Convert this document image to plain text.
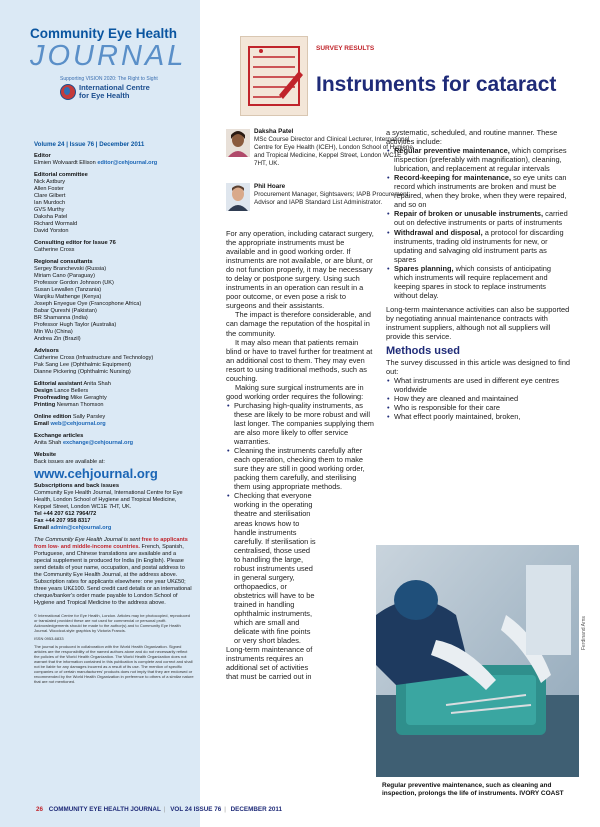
Community Eye Health
JOURNAL
Supporting VISION 2020: The Right to Sight
International Centre
for Eye Health
Volume 24 | Issue 76 | December 2011
Editor
Elmien Wolvaardt Ellison editor@cehjournal.org
Editorial committee
Nick Astbury
Allen Foster
Clare Gilbert
Ian Murdoch
GVS Murthy
Daksha Patel
Richard Wormald
David Yorston
Consulting editor for Issue 76
Catherine Cross
Regional consultants
Sergey Branchevski (Russia)
Miriam Cano (Paraguay)
Professor Gordon Johnson (UK)
Susan Lewallen (Tanzania)
Wanjiku Mathenge (Kenya)
Joseph Enyegue Oye (Francophone Africa)
Babar Qureshi (Pakistan)
BR Shamanna (India)
Professor Hugh Taylor (Australia)
Min Wu (China)
Andrea Zin (Brazil)
Advisors
Catherine Cross (Infrastructure and Technology)
Pak Sang Lee (Ophthalmic Equipment)
Dianne Pickering (Ophthalmic Nursing)
Editorial assistant Anita Shah
Design Lance Bellers
Proofreading Mike Geraghty
Printing Newman Thomson
Online edition Sally Parsley
Email web@cehjournal.org
Exchange articles
Anita Shah exchange@cehjournal.org
Website
Back issues are available at:
www.cehjournal.org
Subscriptions and back issues
Community Eye Health Journal, International Centre for Eye Health, London School of Hygiene and Tropical Medicine, Keppel Street, London WC1E 7HT, UK.
Tel +44 207 612 7964/72
Fax +44 207 958 8317
Email admin@cehjournal.org
The Community Eye Health Journal is sent free to applicants from low- and middle-income countries. French, Spanish, Portuguese, and Chinese translations are available and a special supplement is produced for India (in English). Please send details of your name, occupation, and postal address to the Community Eye Health Journal, at the address above. Subscription rates for applicants elsewhere: one year UK£50; three years UK£100. Send credit card details or an international cheque/banker's order made payable to London School of Hygiene and Tropical Medicine to the address above.
© International Centre for Eye Health, London. Articles may be photocopied, reproduced or translated provided these are not used for commercial or personal profit. Acknowledgements should be made to the author(s) and to Community Eye Health Journal. Woodcut-style graphics by Victoria Francis.
ISSN 0953-6833
The journal is produced in collaboration with the World Health Organization. Signed articles are the responsibility of the named authors alone and do not necessarily reflect the policies of the World Health Organization. The World Health Organization does not warrant that the information contained in this publication is complete and correct and shall not be liable for any damages incurred as a result of its use. The mention of specific companies or of certain manufacturers' products does not imply that they are endorsed or recommended by the World Health Organization in preference to others of a similar nature that are not mentioned.
SURVEY RESULTS
Instruments for cataract
Daksha Patel
MSc Course Director and Clinical Lecturer, International Centre for Eye Health (ICEH), London School of Hygiene and Tropical Medicine, Keppel Street, London WC1E 7HT, UK.
Phil Hoare
Procurement Manager, Sightsavers; IAPB Procurement Advisor and IAPB Standard List Administrator.

For any operation, including cataract surgery, the appropriate instruments must be available and in good working order. If instruments are not available, or are blunt, or do not function properly, it may be necessary to delay or postpone surgery. Using such instruments in an operation can result in a poor outcome, or even pose a risk to surgeons and their assistants.

The impact is therefore considerable, and can damage the reputation of the hospital in the community.

It may also mean that patients remain blind or have to travel further for treatment at an additional cost to them. They may even resort to using traditional methods, such as couching.

Making sure surgical instruments are in good working order requires the following:

• Purchasing high-quality instruments, as these are likely to be more robust and will last longer. The companies supplying them are also more likely to offer service warranties.
• Cleaning the instruments carefully after each operation, checking them to make sure they are still in good working order, packing them carefully, and sterilising them using appropriate methods.
• Checking that everyone working in the operating theatre and sterilisation areas knows how to handle instruments carefully. If sterilisation is centralised, those used to handling the large, robust instruments used in general surgery, orthopaedics, or obstetrics will have to be trained in handling ophthalmic instruments, which are small and delicate with fine points or very short blades.

Long-term maintenance of instruments requires an additional set of activities that must be carried out in

a systematic, scheduled, and routine manner. These activities include:

• Regular preventive maintenance, which comprises inspection (preferably with magnification), cleaning, lubrication, and replacement at regular intervals
• Record-keeping for maintenance, so eye units can record which instruments are broken and must be repaired, when they broke, when they were repaired, and so on
• Repair of broken or unusable instruments, carried out on defective instruments or parts of instruments
• Withdrawal and disposal, a protocol for discarding instruments, trading old instruments for new, or updating and salvaging old instrument parts as spares
• Spares planning, which consists of anticipating which instruments will require replacement and keeping spares in stock to replace instruments without delay.

Long-term maintenance activities can also be supported by negotiating annual maintenance contracts with instrument suppliers, although not all suppliers will provide this service.

Methods used

The survey discussed in this article was designed to find out:

• What instruments are used in different eye centres worldwide
• How they are cleaned and maintained
• Who is responsible for their care
• What effect poorly maintained, broken,
Ferdinand Arns
Regular preventive maintenance, such as cleaning and inspection, prolongs the life of instruments. IVORY COAST
26 COMMUNITY EYE HEALTH JOURNAL | VOL 24 ISSUE 76 | DECEMBER 2011
